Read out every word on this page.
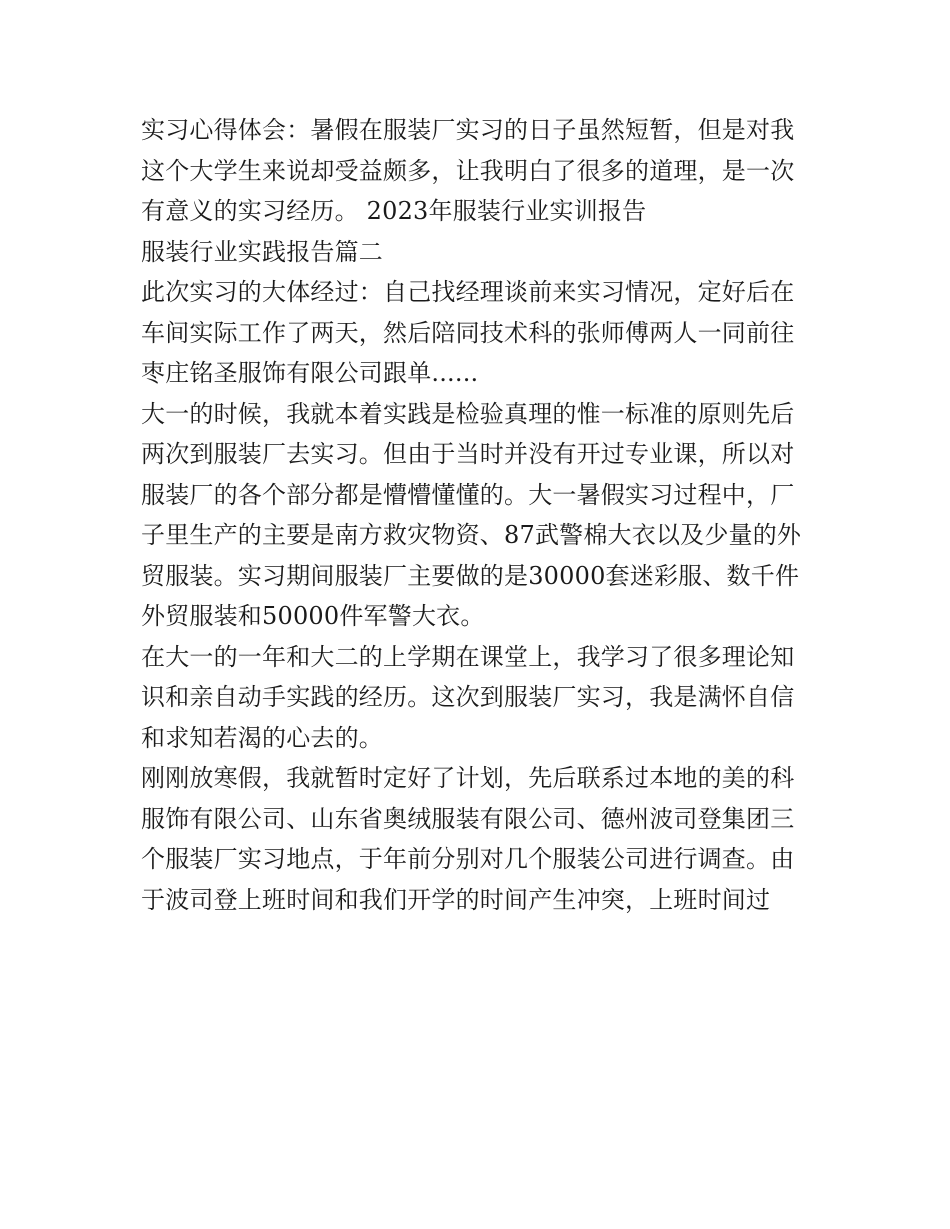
实习心得体会：暑假在服装厂实习的日子虽然短暂，但是对我这个大学生来说却受益颇多，让我明白了很多的道理，是一次有意义的实习经历。 2023年服装行业实训报告

服装行业实践报告篇二

此次实习的大体经过：自己找经理谈前来实习情况，定好后在车间实际工作了两天，然后陪同技术科的张师傅两人一同前往枣庄铭圣服饰有限公司跟单......

大一的时候，我就本着实践是检验真理的惟一标准的原则先后两次到服装厂去实习。但由于当时并没有开过专业课，所以对服装厂的各个部分都是懵懵懂懂的。大一暑假实习过程中，厂子里生产的主要是南方救灾物资、87武警棉大衣以及少量的外贸服装。实习期间服装厂主要做的是30000套迷彩服、数千件外贸服装和50000件军警大衣。

在大一的一年和大二的上学期在课堂上，我学习了很多理论知识和亲自动手实践的经历。这次到服装厂实习，我是满怀自信和求知若渴的心去的。

刚刚放寒假，我就暂时定好了计划，先后联系过本地的美的科服饰有限公司、山东省奥绒服装有限公司、德州波司登集团三个服装厂实习地点，于年前分别对几个服装公司进行调查。由于波司登上班时间和我们开学的时间产生冲突，上班时间过
